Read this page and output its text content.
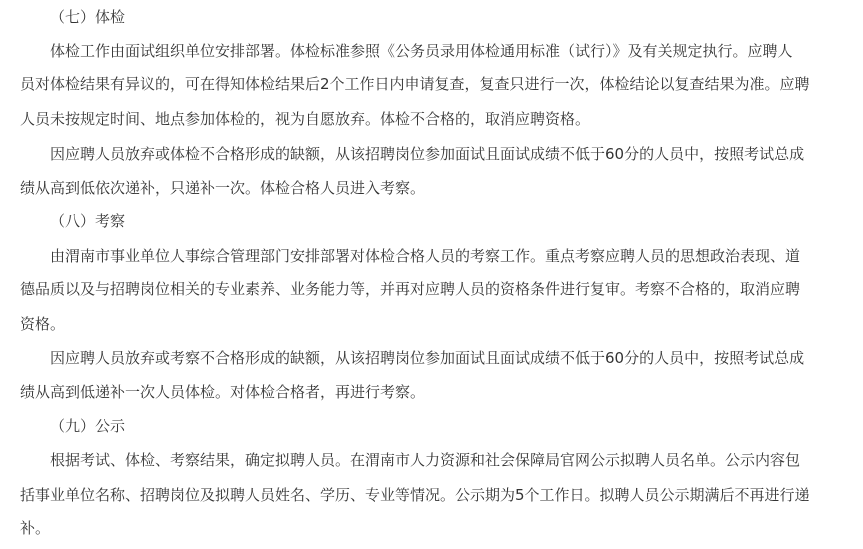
（七）体检
体检工作由面试组织单位安排部署。体检标准参照《公务员录用体检通用标准（试行）》及有关规定执行。应聘人
员对体检结果有异议的，可在得知体检结果后2个工作日内申请复查，复查只进行一次，体检结论以复查结果为准。应聘
人员未按规定时间、地点参加体检的，视为自愿放弃。体检不合格的，取消应聘资格。
因应聘人员放弃或体检不合格形成的缺额，从该招聘岗位参加面试且面试成绩不低于60分的人员中，按照考试总成
绩从高到低依次递补，只递补一次。体检合格人员进入考察。
（八）考察
由渭南市事业单位人事综合管理部门安排部署对体检合格人员的考察工作。重点考察应聘人员的思想政治表现、道
德品质以及与招聘岗位相关的专业素养、业务能力等，并再对应聘人员的资格条件进行复审。考察不合格的，取消应聘
资格。
因应聘人员放弃或考察不合格形成的缺额，从该招聘岗位参加面试且面试成绩不低于60分的人员中，按照考试总成
绩从高到低递补一次人员体检。对体检合格者，再进行考察。
（九）公示
根据考试、体检、考察结果，确定拟聘人员。在渭南市人力资源和社会保障局官网公示拟聘人员名单。公示内容包
括事业单位名称、招聘岗位及拟聘人员姓名、学历、专业等情况。公示期为5个工作日。拟聘人员公示期满后不再进行递
补。
